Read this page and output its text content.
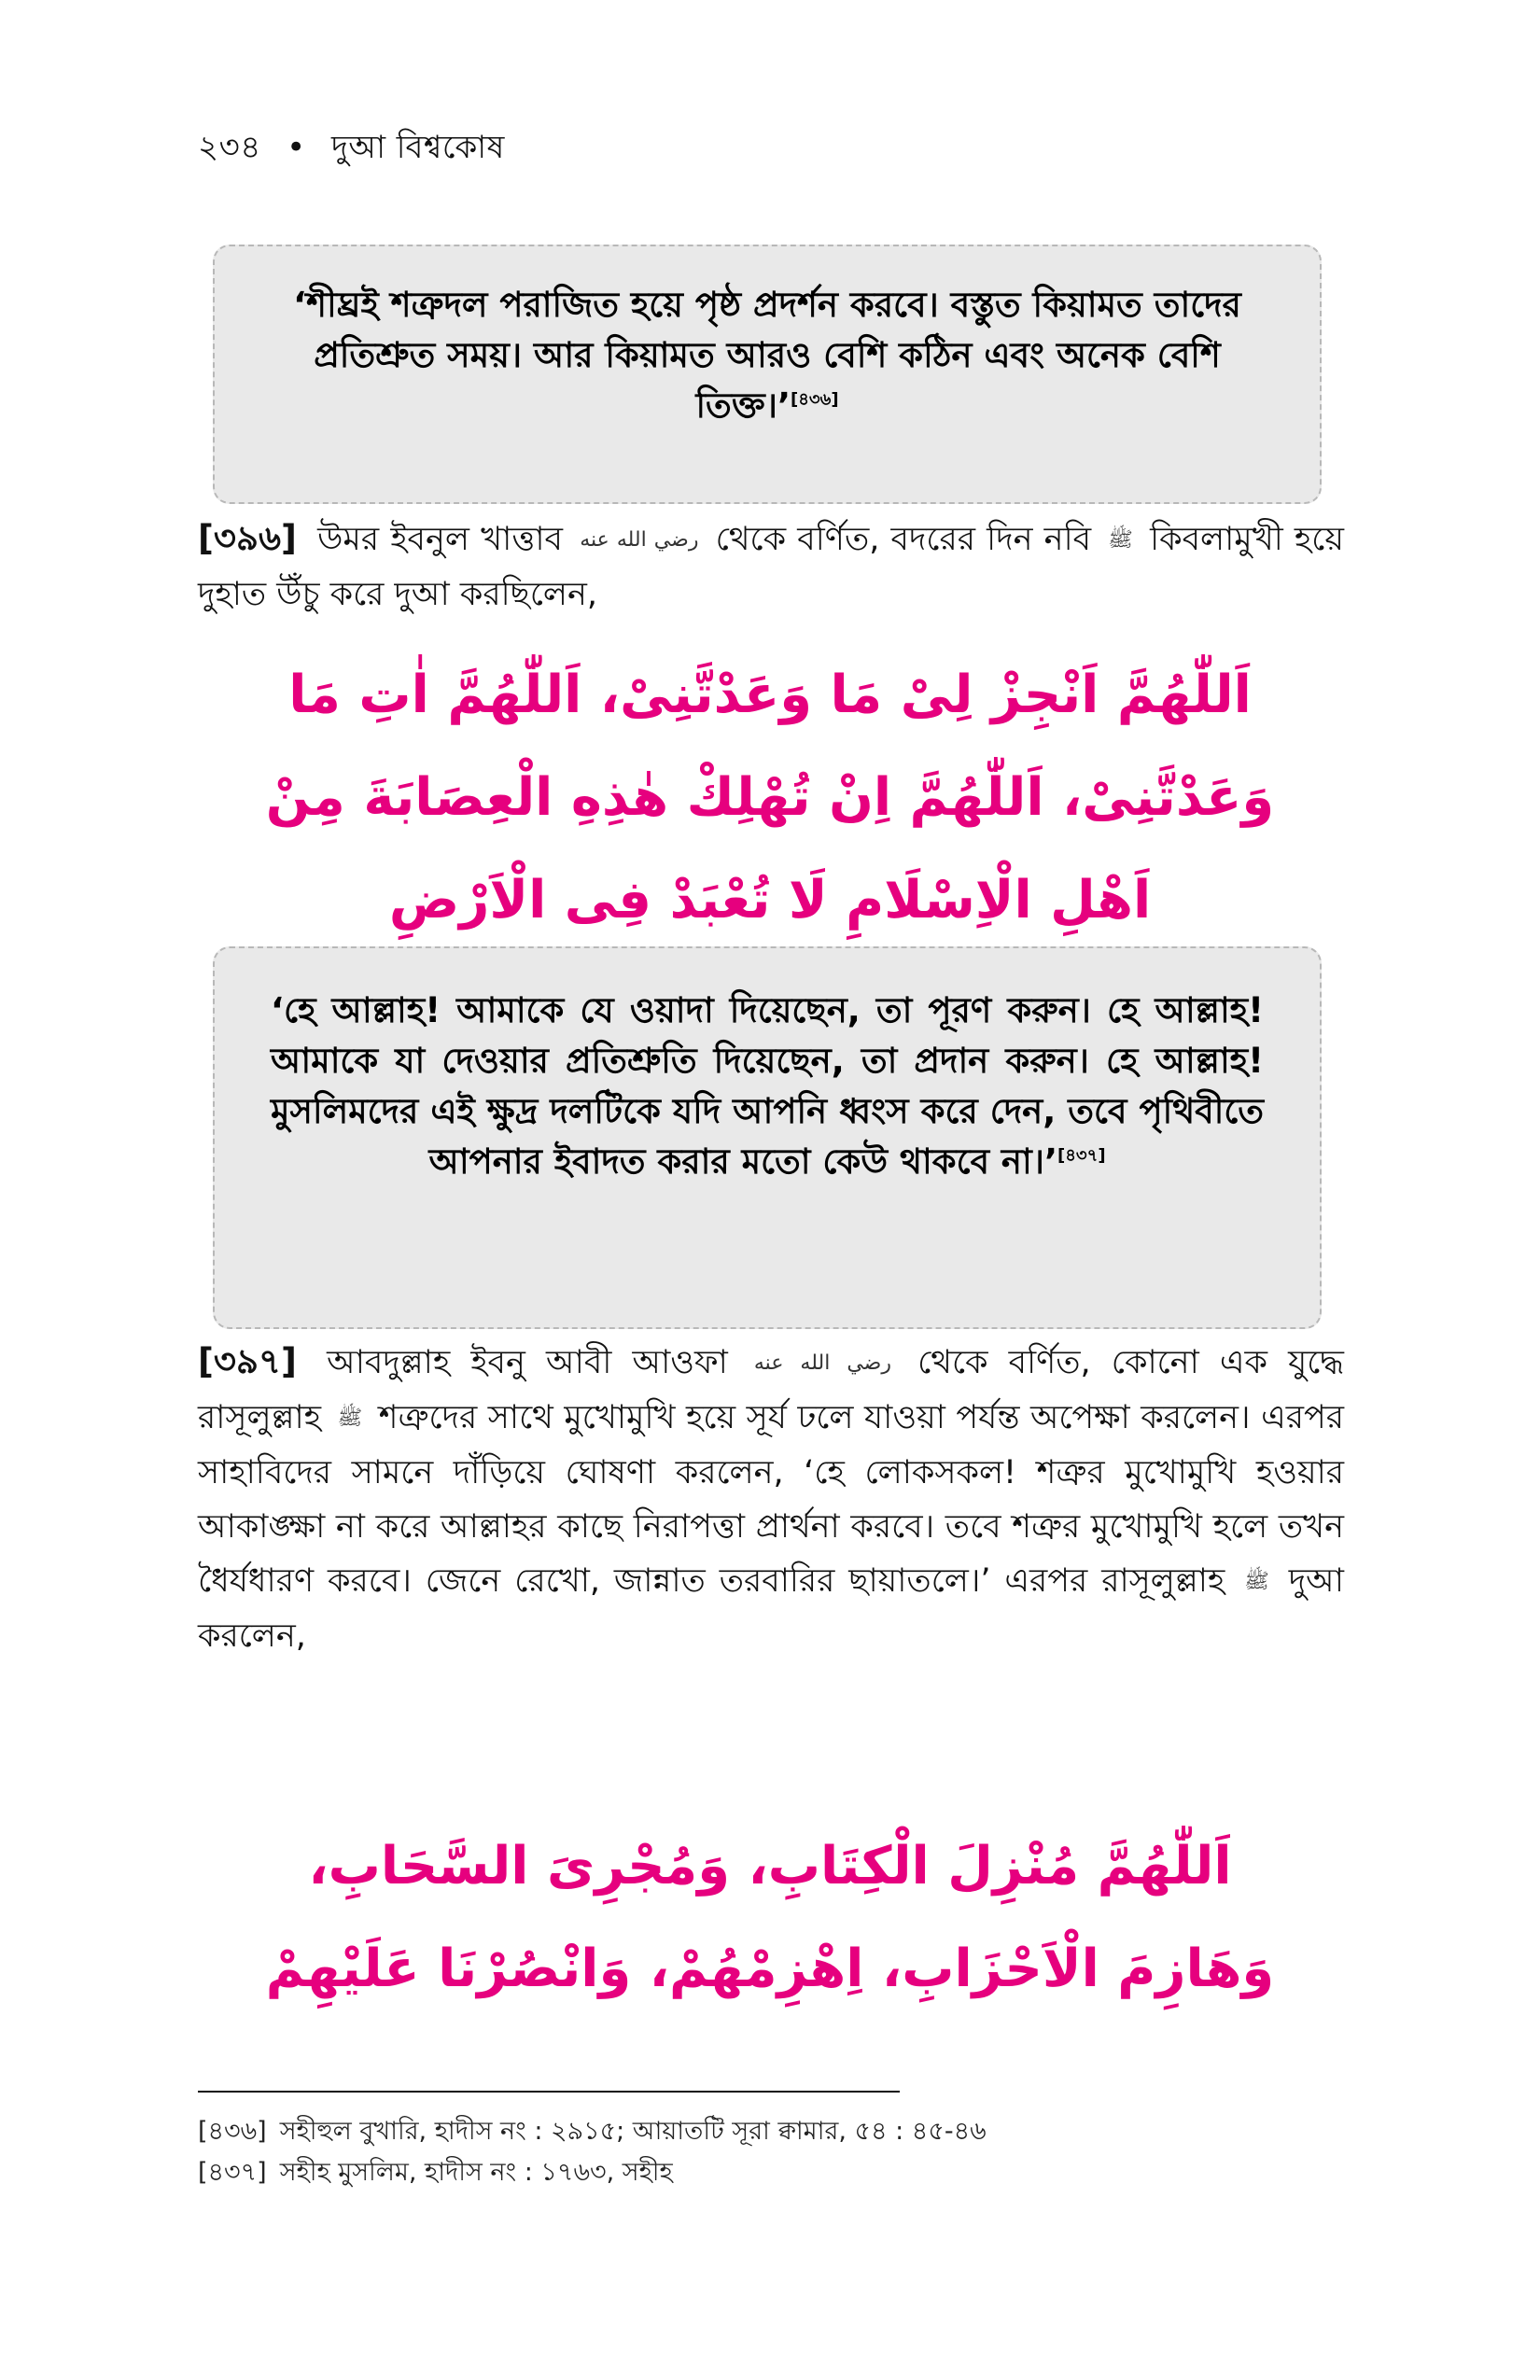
২৩৪ • দুআ বিশ্বকোষ
‘শীঘ্রই শত্রুদল পরাজিত হয়ে পৃষ্ঠ প্রদর্শন করবে। বস্তুত কিয়ামত তাদের প্রতিশ্রুত সময়। আর কিয়ামত আরও বেশি কঠিন এবং অনেক বেশি তিক্ত।’[৪৩৬]
[৩৯৬] উমর ইবনুল খাত্তাব رضي الله عنه থেকে বর্ণিত, বদরের দিন নবি ﷺ কিবলামুখী হয়ে দুহাত উঁচু করে দুআ করছিলেন,
اَللّٰهُمَّ اَنْجِزْ لِیْ مَا وَعَدْتَّنِیْ، اَللّٰهُمَّ اٰتِ مَا وَعَدْتَّنِیْ، اَللّٰهُمَّ اِنْ تُهْلِكْ هٰذِهِ الْعِصَابَةَ مِنْ اَهْلِ الْاِسْلَامِ لَا تُعْبَدْ فِی الْاَرْضِ
‘হে আল্লাহ! আমাকে যে ওয়াদা দিয়েছেন, তা পূরণ করুন। হে আল্লাহ! আমাকে যা দেওয়ার প্রতিশ্রুতি দিয়েছেন, তা প্রদান করুন। হে আল্লাহ! মুসলিমদের এই ক্ষুদ্র দলটিকে যদি আপনি ধ্বংস করে দেন, তবে পৃথিবীতে আপনার ইবাদত করার মতো কেউ থাকবে না।’[৪৩৭]
[৩৯৭] আবদুল্লাহ ইবনু আবী আওফা رضي الله عنه থেকে বর্ণিত, কোনো এক যুদ্ধে রাসূলুল্লাহ ﷺ শত্রুদের সাথে মুখোমুখি হয়ে সূর্য ঢলে যাওয়া পর্যন্ত অপেক্ষা করলেন। এরপর সাহাবিদের সামনে দাঁড়িয়ে ঘোষণা করলেন, ‘হে লোকসকল! শত্রুর মুখোমুখি হওয়ার আকাঙ্ক্ষা না করে আল্লাহর কাছে নিরাপত্তা প্রার্থনা করবে। তবে শত্রুর মুখোমুখি হলে তখন ধৈর্যধারণ করবে। জেনে রেখো, জান্নাত তরবারির ছায়াতলে।’ এরপর রাসূলুল্লাহ ﷺ দুআ করলেন,
اَللّٰهُمَّ مُنْزِلَ الْكِتَابِ، وَمُجْرِیَ السَّحَابِ، وَهَازِمَ الْاَحْزَابِ، اِهْزِمْهُمْ، وَانْصُرْنَا عَلَيْهِمْ
[৪৩৬] সহীহুল বুখারি, হাদীস নং : ২৯১৫; আয়াতটি সূরা ক্বামার, ৫৪ : ৪৫-৪৬
[৪৩৭] সহীহ মুসলিম, হাদীস নং : ১৭৬৩, সহীহ
